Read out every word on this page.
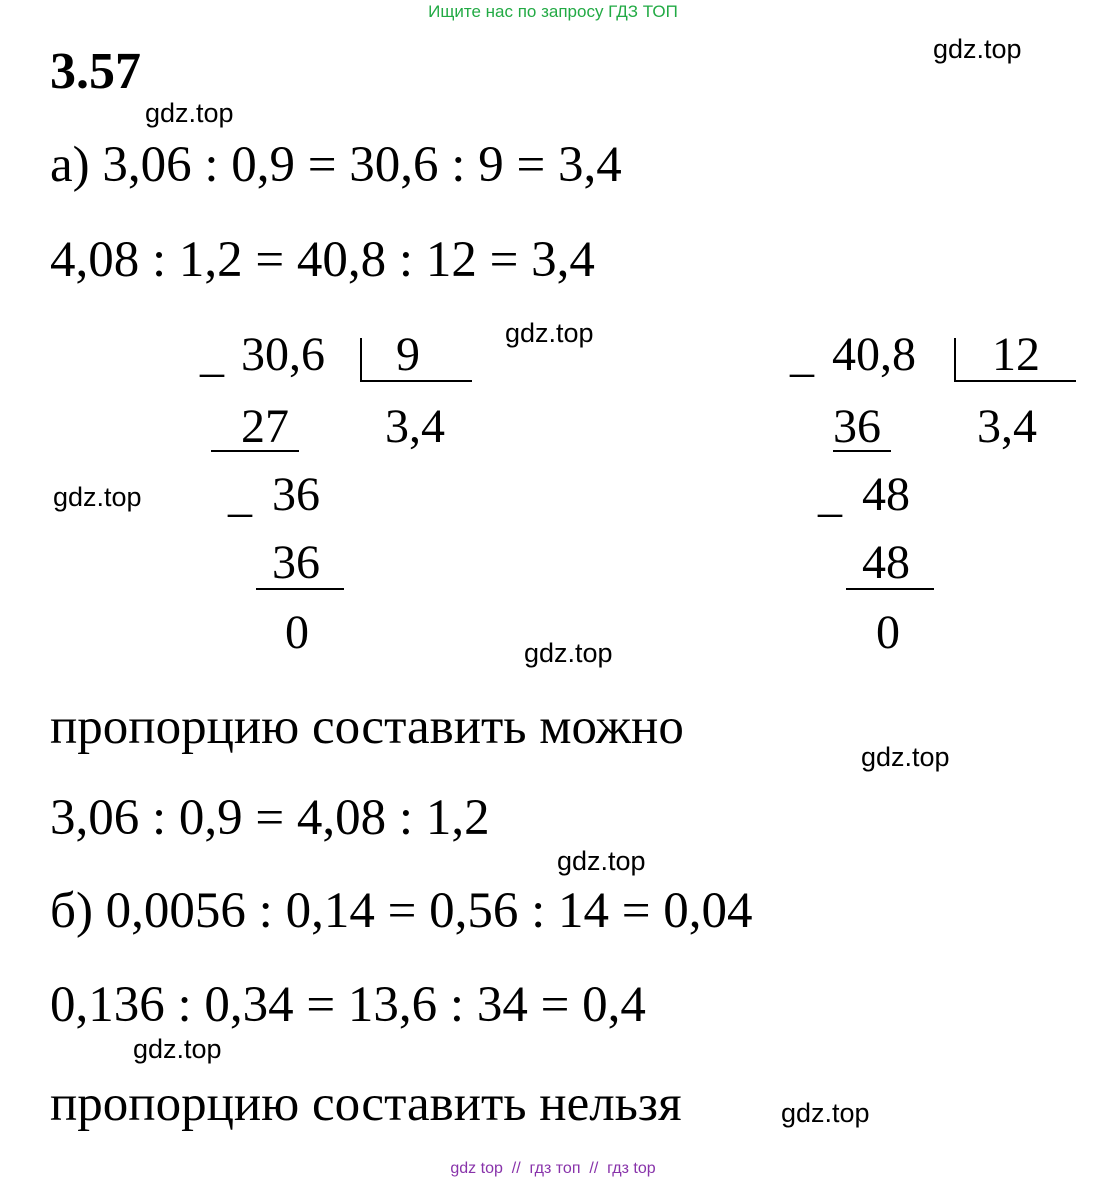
Ищите нас по запросу ГДЗ ТОП
3.57
а) 3,06 : 0,9 = 30,6 : 9 = 3,4
4,08 : 1,2 = 40,8 : 12 = 3,4
_ 30,6 9
27 3,4
_ 36
36
0
_ 40,8 12
36 3,4
_ 48
48
0
пропорцию составить можно
3,06 : 0,9 = 4,08 : 1,2
б) 0,0056 : 0,14 = 0,56 : 14 = 0,04
0,136 : 0,34 = 13,6 : 34 = 0,4
пропорцию составить нельзя
gdz.top
gdz.top
gdz.top
gdz.top
gdz.top
gdz.top
gdz.top
gdz.top
gdz.top
gdz top  //  гдз топ  //  гдз top
